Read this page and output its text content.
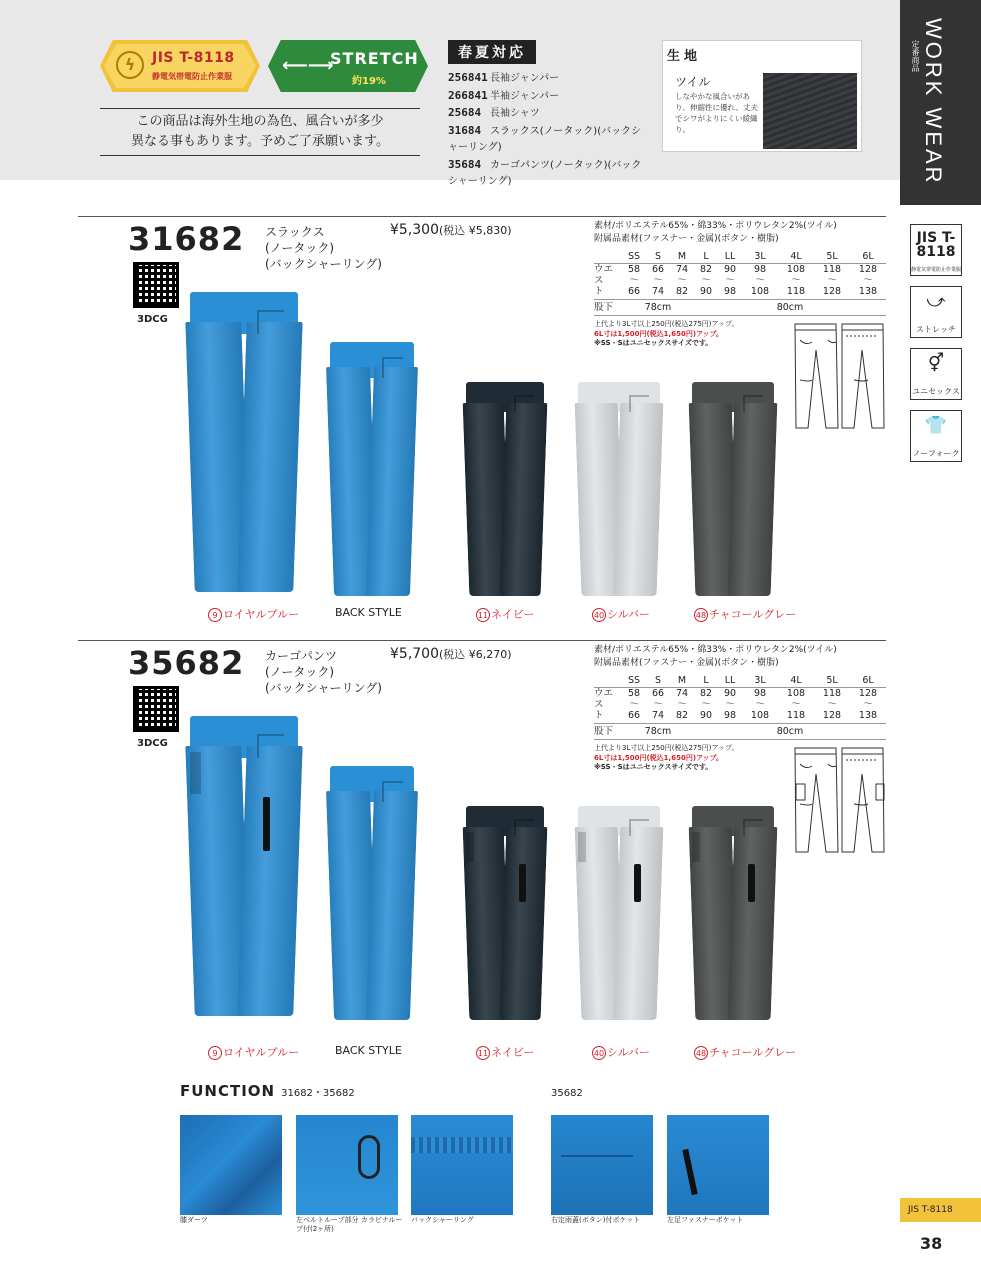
ϟ	JIS T-8118
静電気帯電防止作業服
⟵⟶
STRETCH
約19%
この商品は海外生地の為色、風合いが多少
異なる事もあります。予めご了承願います。
春夏対応
256841 長袖ジャンパー
266841 半袖ジャンパー
25684 長袖シャツ
31684 スラックス(ノータック)(バックシャーリング)
35684 カーゴパンツ(ノータック)(バックシャーリング)
生地
ツイル
しなやかな風合いがあり、伸縮性に優れ、丈夫でシワがよりにくい綾織り。	WORK WEAR
定番商品
JIS T-8118
静電気帯電防止作業服
⤻
ストレッチ
⚥
ユニセックス
👕
ノーフォーク
31682 スラックス
(ノータック)
(バックシャーリング)
¥5,300(税込 ¥5,830)
3DCG
素材/ポリエステル65%・綿33%・ポリウレタン2%(ツイル)
附属品素材(ファスナー・金属)(ボタン・樹脂)
	SS	S	M	L	LL	3L	4L	5L	6L
ウエ	58	66	74	82	90	98	108	118	128
ス	〜	〜	〜	〜	〜	〜	〜	〜	〜
ト	66	74	82	90	98	108	118	128	138
股下	78cm			80cm					
上代より3L寸以上250円(税込275円)アップ。
6L寸は1,500円(税込1,650円)アップ。
※SS・Sはユニセックスサイズです。
9 ロイヤルブルー	BACK STYLE	11 ネイビー	40 シルバー	48 チャコールグレー
35682 カーゴパンツ
(ノータック)
(バックシャーリング)
¥5,700(税込 ¥6,270)
3DCG
素材/ポリエステル65%・綿33%・ポリウレタン2%(ツイル)
附属品素材(ファスナー・金属)(ボタン・樹脂)
	SS	S	M	L	LL	3L	4L	5L	6L
ウエ	58	66	74	82	90	98	108	118	128
ス	〜	〜	〜	〜	〜	〜	〜	〜	〜
ト	66	74	82	90	98	108	118	128	138
股下	78cm			80cm					
上代より3L寸以上250円(税込275円)アップ。
6L寸は1,500円(税込1,650円)アップ。
※SS・Sはユニセックスサイズです。
9 ロイヤルブルー	BACK STYLE	11 ネイビー	40 シルバー	48 チャコールグレー
FUNCTION 31682・35682	35682
膝ダーツ	左ベルトループ部分 カラビナループ付(2ヶ所)
バックシャーリング	右定雨蓋(ボタン)付ポケット	左足ファスナーポケット
JIS T-8118
38
